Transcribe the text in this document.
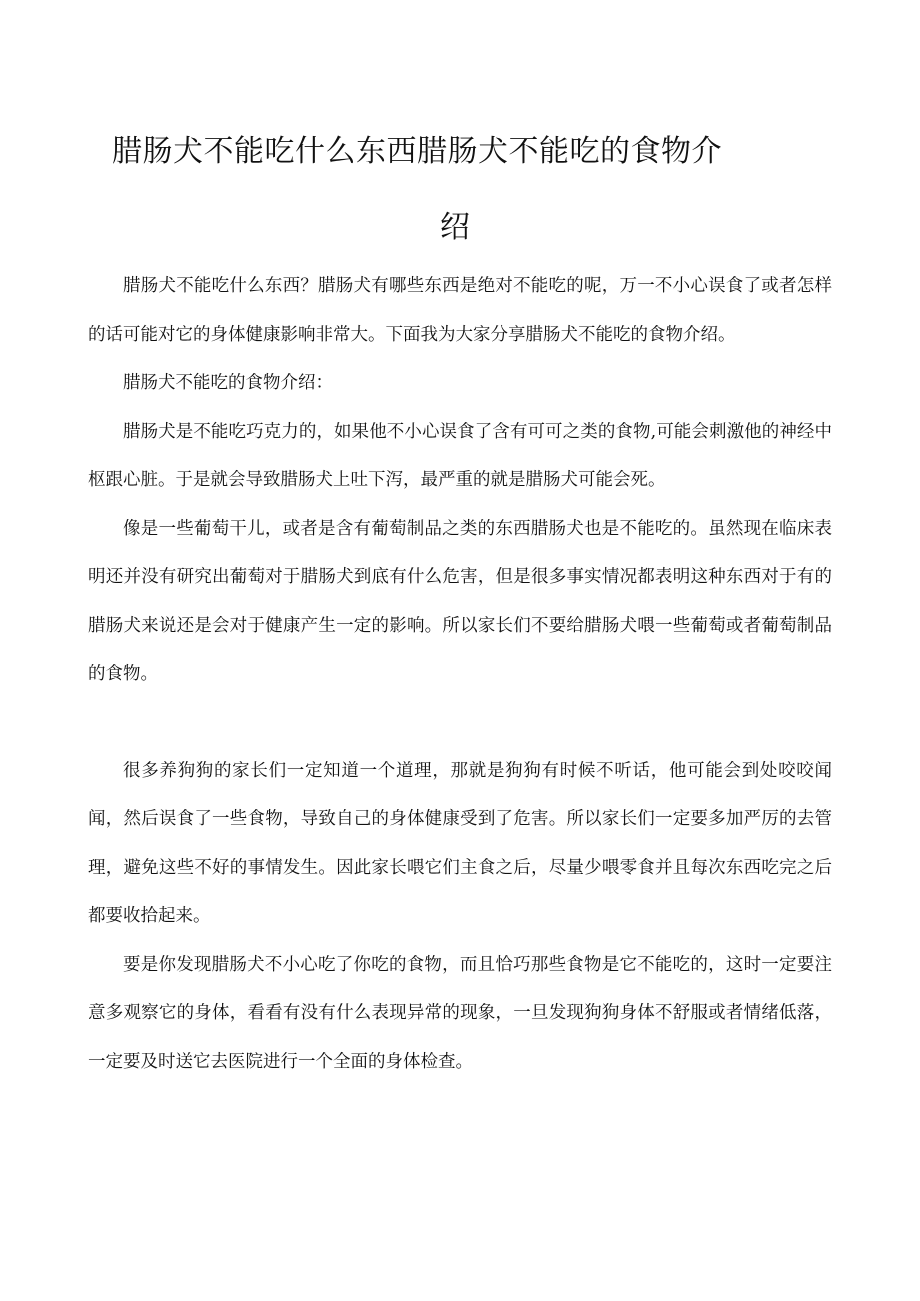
腊肠犬不能吃什么东西腊肠犬不能吃的食物介
绍

腊肠犬不能吃什么东西？腊肠犬有哪些东西是绝对不能吃的呢，万一不小心误食了或者怎样的话可能对它的身体健康影响非常大。下面我为大家分享腊肠犬不能吃的食物介绍。

腊肠犬不能吃的食物介绍：

腊肠犬是不能吃巧克力的，如果他不小心误食了含有可可之类的食物,可能会刺激他的神经中枢跟心脏。于是就会导致腊肠犬上吐下泻，最严重的就是腊肠犬可能会死。

像是一些葡萄干儿，或者是含有葡萄制品之类的东西腊肠犬也是不能吃的。虽然现在临床表明还并没有研究出葡萄对于腊肠犬到底有什么危害，但是很多事实情况都表明这种东西对于有的腊肠犬来说还是会对于健康产生一定的影响。所以家长们不要给腊肠犬喂一些葡萄或者葡萄制品的食物。

很多养狗狗的家长们一定知道一个道理，那就是狗狗有时候不听话，他可能会到处咬咬闻闻，然后误食了一些食物，导致自己的身体健康受到了危害。所以家长们一定要多加严厉的去管理，避免这些不好的事情发生。因此家长喂它们主食之后，尽量少喂零食并且每次东西吃完之后都要收拾起来。

要是你发现腊肠犬不小心吃了你吃的食物，而且恰巧那些食物是它不能吃的，这时一定要注意多观察它的身体，看看有没有什么表现异常的现象，一旦发现狗狗身体不舒服或者情绪低落，一定要及时送它去医院进行一个全面的身体检查。
